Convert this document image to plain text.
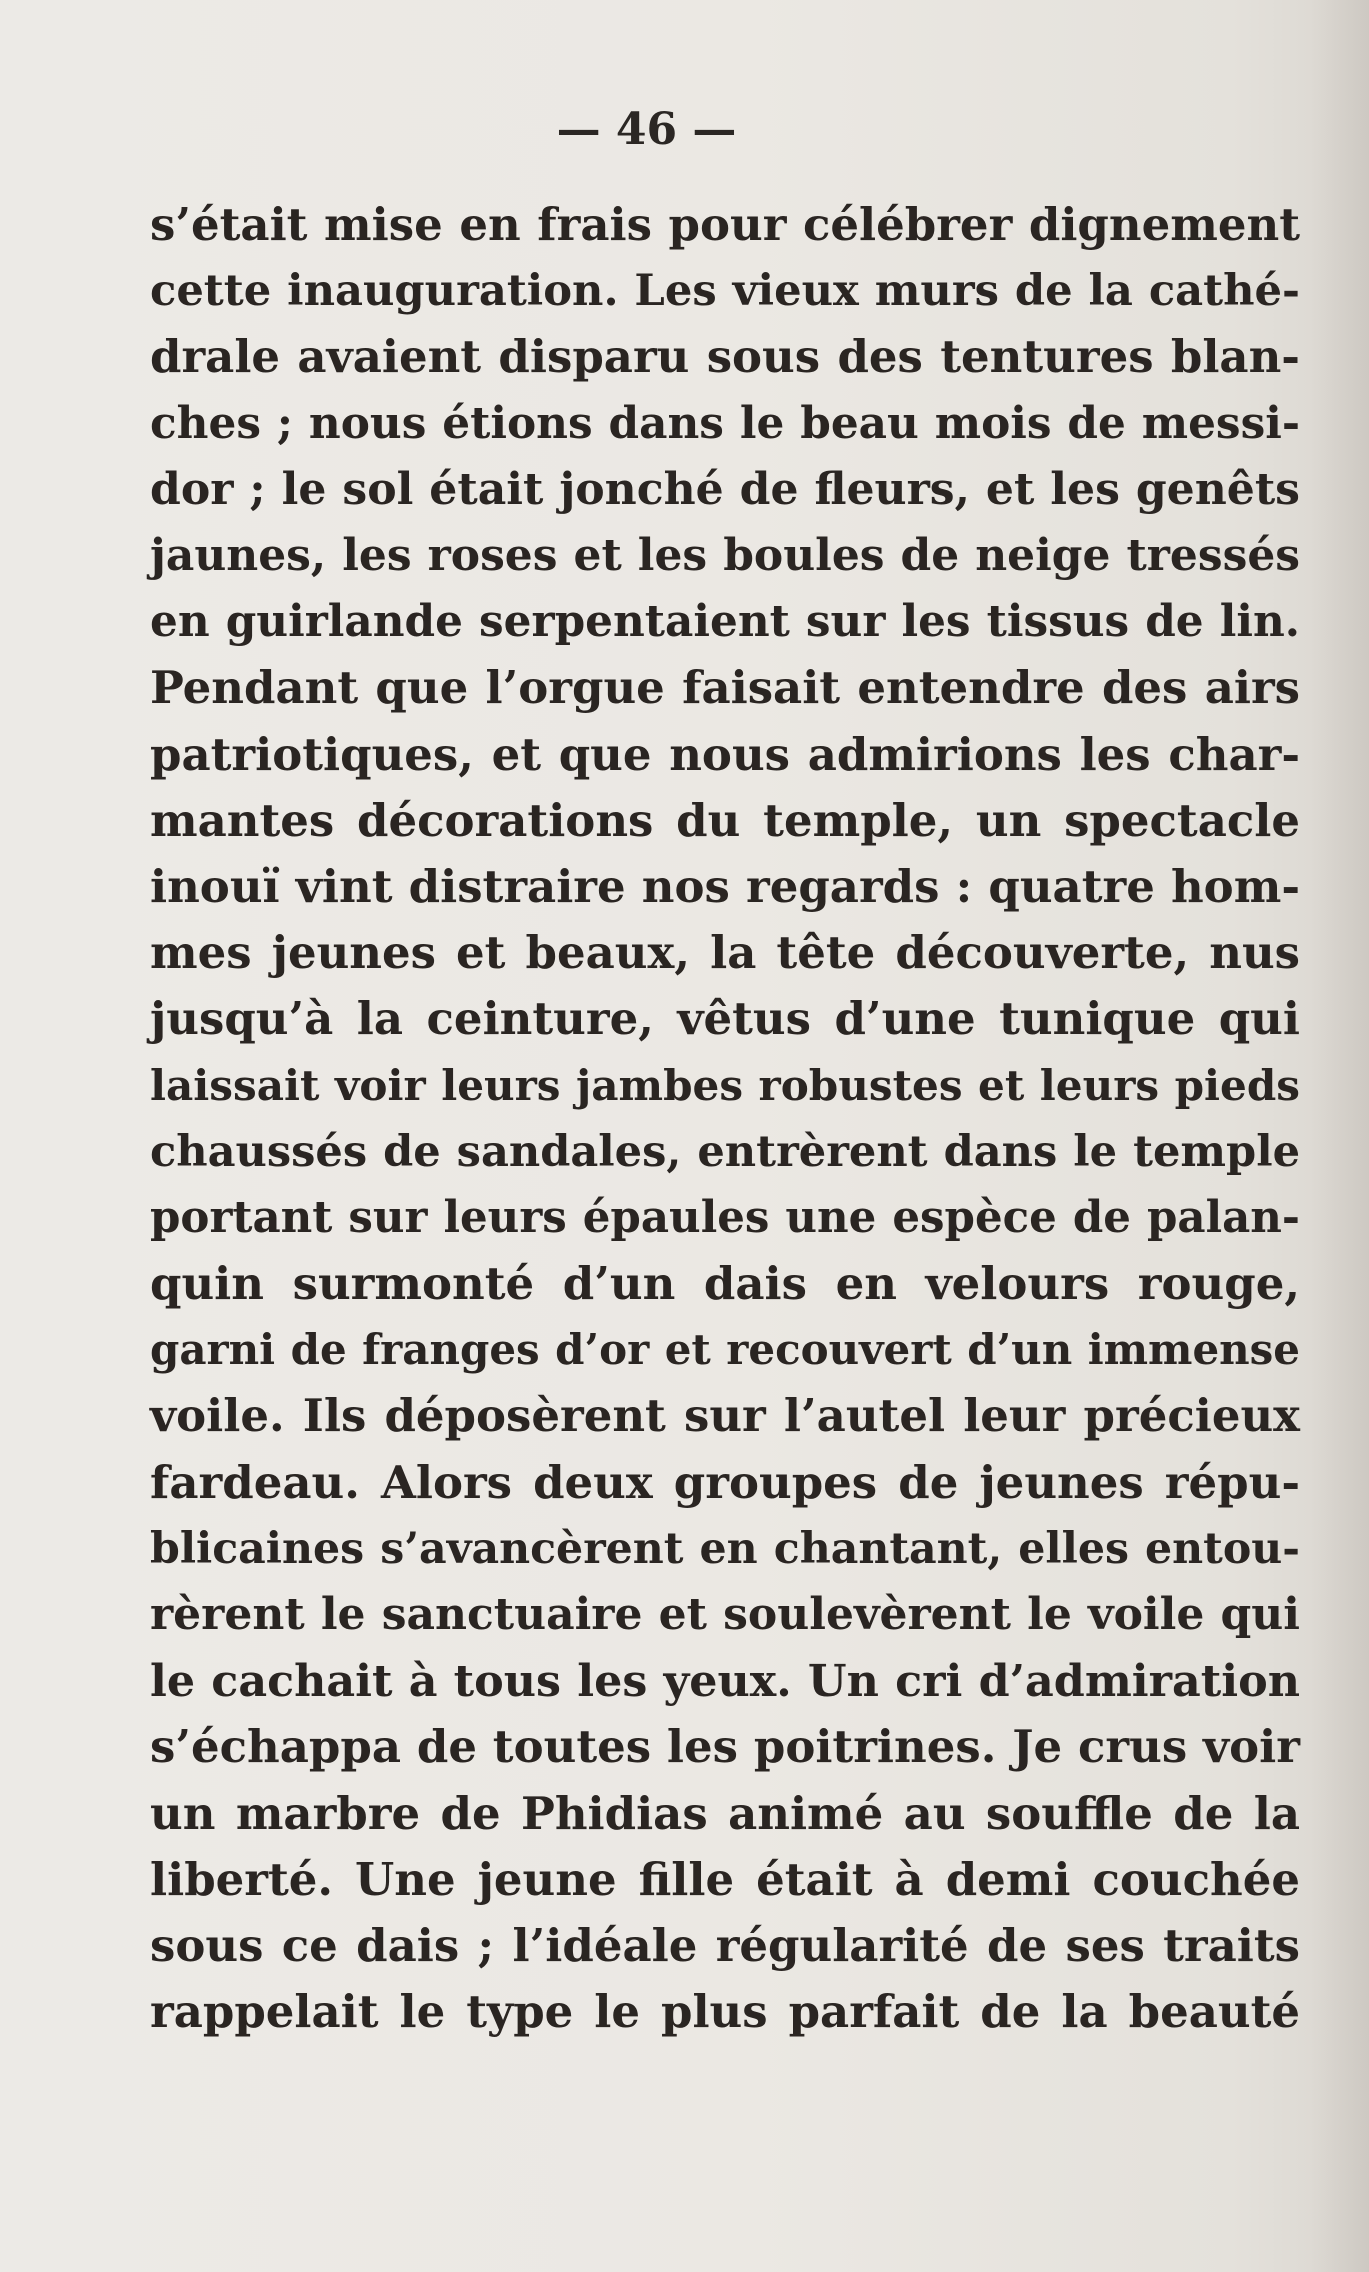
— 46 —
s’était mise en frais pour célébrer dignement
cette inauguration. Les vieux murs de la cathé-
drale avaient disparu sous des tentures blan-
ches ; nous étions dans le beau mois de messi-
dor ; le sol était jonché de fleurs, et les genêts
jaunes, les roses et les boules de neige tressés
en guirlande serpentaient sur les tissus de lin.
Pendant que l’orgue faisait entendre des airs
patriotiques, et que nous admirions les char-
mantes décorations du temple, un spectacle
inouï vint distraire nos regards : quatre hom-
mes jeunes et beaux, la tête découverte, nus
jusqu’à la ceinture, vêtus d’une tunique qui
laissait voir leurs jambes robustes et leurs pieds
chaussés de sandales, entrèrent dans le temple
portant sur leurs épaules une espèce de palan-
quin surmonté d’un dais en velours rouge,
garni de franges d’or et recouvert d’un immense
voile. Ils déposèrent sur l’autel leur précieux
fardeau. Alors deux groupes de jeunes répu-
blicaines s’avancèrent en chantant, elles entou-
rèrent le sanctuaire et soulevèrent le voile qui
le cachait à tous les yeux. Un cri d’admiration
s’échappa de toutes les poitrines. Je crus voir
un marbre de Phidias animé au souffle de la
liberté. Une jeune fille était à demi couchée
sous ce dais ; l’idéale régularité de ses traits
rappelait le type le plus parfait de la beauté
